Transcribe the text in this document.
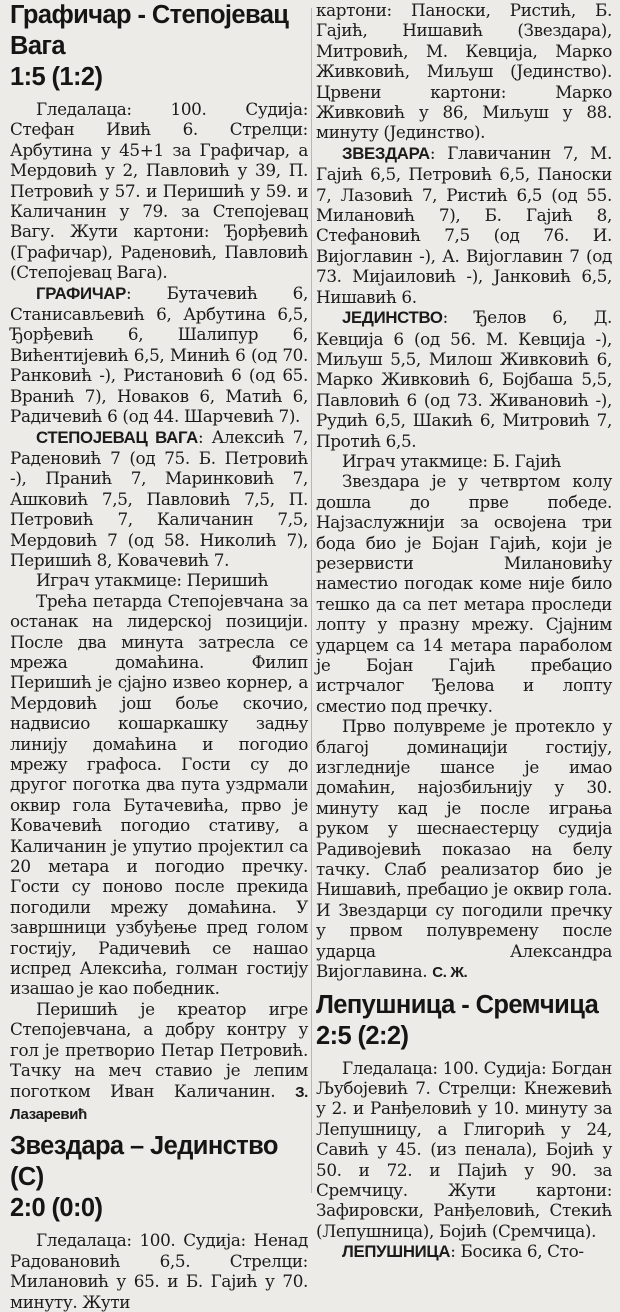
Графичар - Степојевац Вага
1:5 (1:2)

Гледалаца: 100. Судија: Стефан Ивић 6. Стрелци: Арбутина у 45+1 за Графичар, а Мердовић у 2, Павловић у 39, П. Петровић у 57. и Перишић у 59. и Каличанин у 79. за Степојевац Вагу. Жути картони: Ђорђевић (Графичар), Раденовић, Павловић (Степојевац Вага).

ГРАФИЧАР: Бутачевић 6, Станисављевић 6, Арбутина 6,5, Ђорђевић 6, Шалипур 6, Вићентијевић 6,5, Минић 6 (од 70. Ранковић -), Ристановић 6 (од 65. Вранић 7), Новаков 6, Матић 6, Радичевић 6 (од 44. Шарчевић 7).

СТЕПОЈЕВАЦ ВАГА: Алексић 7, Раденовић 7 (од 75. Б. Петровић -), Пранић 7, Маринковић 7, Ашковић 7,5, Павловић 7,5, П. Петровић 7, Каличанин 7,5, Мердовић 7 (од 58. Николић 7), Перишић 8, Ковачевић 7.

Играч утакмице: Перишић

Трећа петарда Степојевчана за останак на лидерској позицији. После два минута затресла се мрежа домаћина. Филип Перишић је сјајно извео корнер, а Мердовић још боље скочио, надвисио кошаркашку задњу линију домаћина и погодио мрежу графоса. Гости су до другог поготка два пута уздрмали оквир гола Бутачевића, прво је Ковачевић погодио стативу, а Каличанин је упутио пројектил са 20 метара и погодио пречку. Гости су поново после прекида погодили мрежу домаћина. У завршници узбуђење пред голом гостију, Радичевић се нашао испред Алексића, голман гостију изашао је као победник.

Перишић је креатор игре Степојевчана, а добру контру у гол је претворио Петар Петровић. Тачку на меч ставио је лепим поготком Иван Каличанин. З. Лазаревић

Звездара – Јединство (С)
2:0 (0:0)

Гледалаца: 100. Судија: Ненад Радовановић 6,5. Стрелци: Милановић у 65. и Б. Гајић у 70. минуту. Жути

картони: Паноски, Ристић, Б. Гајић, Нишавић (Звездара), Митровић, М. Кевција, Марко Живковић, Миљуш (Јединство). Црвени картони: Марко Живковић у 86, Миљуш у 88. минуту (Јединство).

ЗВЕЗДАРА: Главичанин 7, М. Гајић 6,5, Петровић 6,5, Паноски 7, Лазовић 7, Ристић 6,5 (од 55. Милановић 7), Б. Гајић 8, Стефановић 7,5 (од 76. И. Вијоглавин -), А. Вијоглавин 7 (од 73. Мијаиловић -), Јанковић 6,5, Нишавић 6.

ЈЕДИНСТВО: Ђелов 6, Д. Кевција 6 (од 56. М. Кевција -), Миљуш 5,5, Милош Живковић 6, Марко Живковић 6, Бојбаша 5,5, Павловић 6 (од 73. Живановић -), Рудић 6,5, Шакић 6, Митровић 7, Протић 6,5.

Играч утакмице: Б. Гајић

Звездара је у четвртом колу дошла до прве победе. Најзаслужнији за освојена три бода био је Бојан Гајић, који је резервисти Милановићу наместио погодак коме није било тешко да са пет метара проследи лопту у празну мрежу. Сјајним ударцем са 14 метара параболом је Бојан Гајић пребацио истрчалог Ђелова и лопту сместио под пречку.

Прво полувреме је протекло у благој доминацији гостију, изгледније шансе је имао домаћин, најозбиљнију у 30. минуту кад је после играња руком у шеснаестерцу судија Радивојевић показао на белу тачку. Слаб реализатор био је Нишавић, пребацио је оквир гола. И Звездарци су погодили пречку у првом полувремену после ударца Александра Вијоглавина. С. Ж.

Лепушница - Сремчица
2:5 (2:2)

Гледалаца: 100. Судија: Богдан Љубојевић 7. Стрелци: Кнежевић у 2. и Ранђеловић у 10. минуту за Лепушницу, а Глигорић у 24, Савић у 45. (из пенала), Бојић у 50. и 72. и Пајић у 90. за Сремчицу. Жути картони: Зафировски, Ранђеловић, Стекић (Лепушница), Бојић (Сремчица).

ЛЕПУШНИЦА: Босика 6, Сто-
